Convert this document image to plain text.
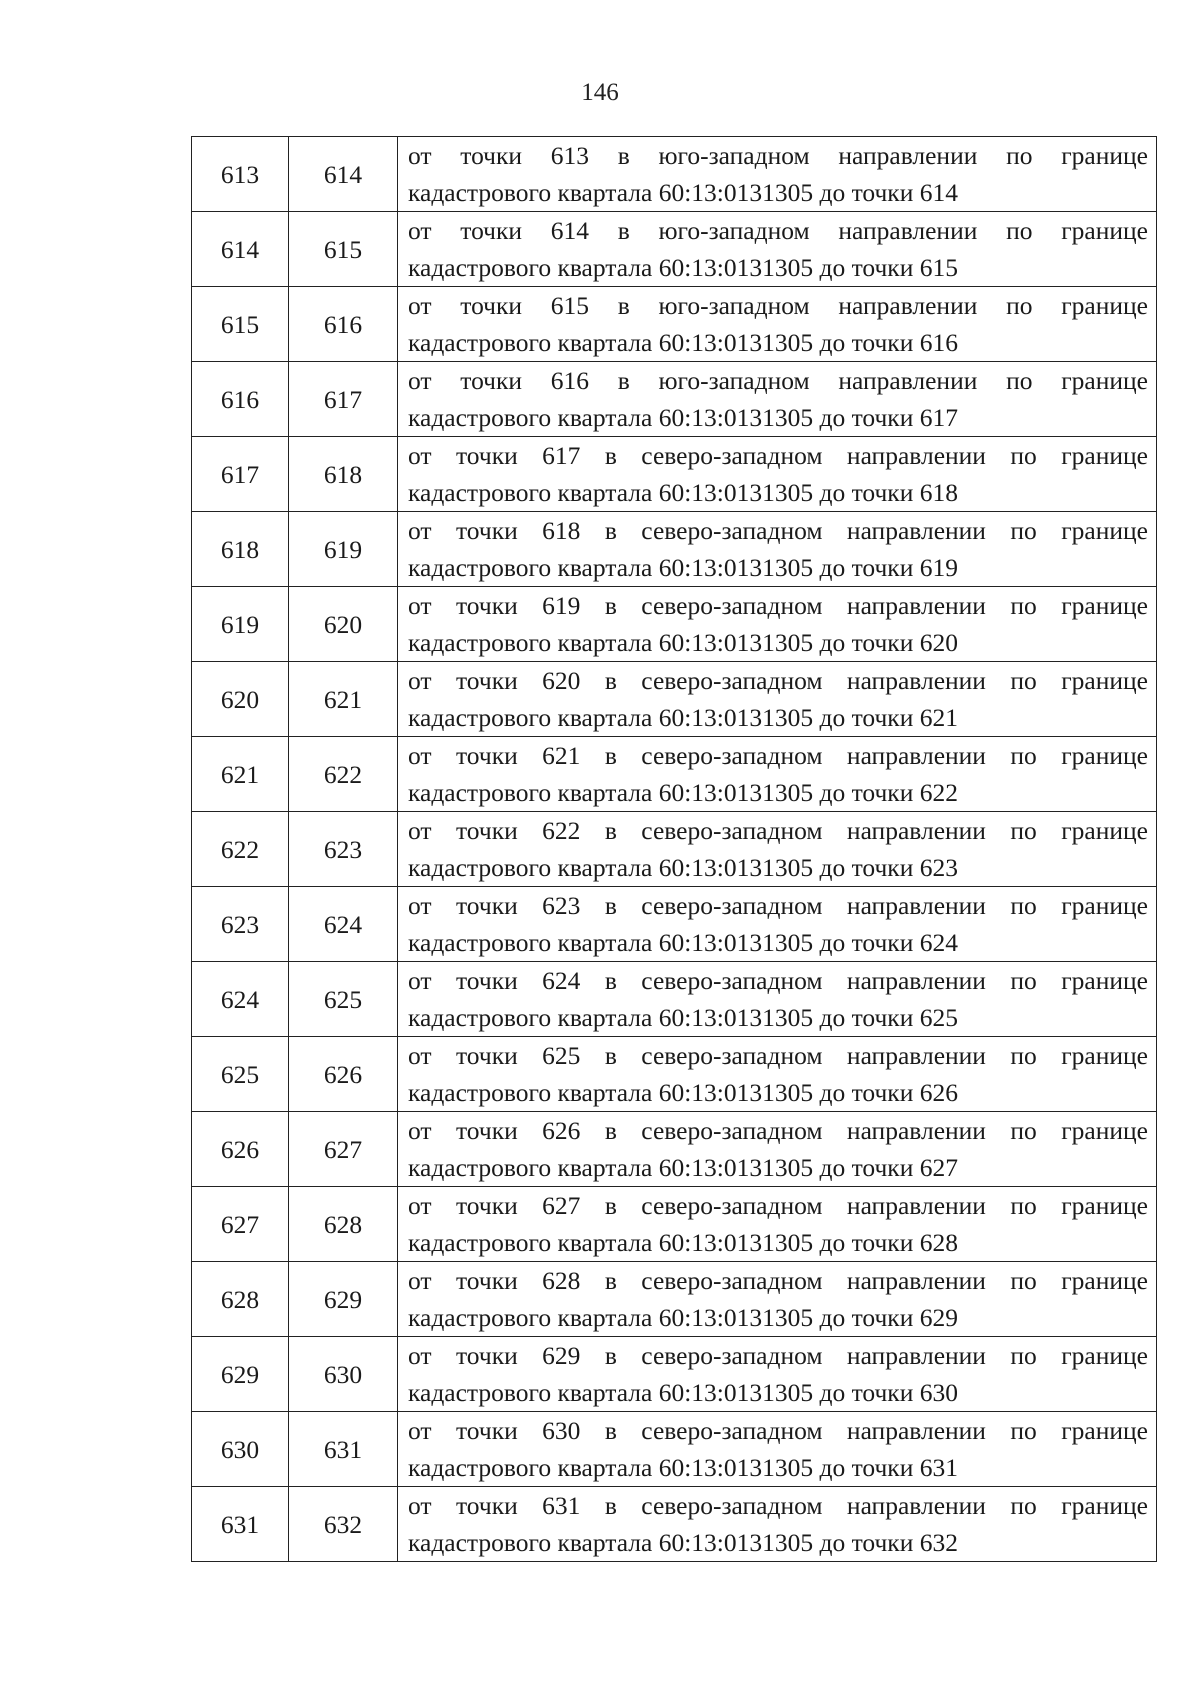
146
613	614	от точки 613 в юго-западном направлении по границе
кадастрового квартала 60:13:0131305 до точки 614

614	615	от точки 614 в юго-западном направлении по границе
кадастрового квартала 60:13:0131305 до точки 615

615	616	от точки 615 в юго-западном направлении по границе
кадастрового квартала 60:13:0131305 до точки 616

616	617	от точки 616 в юго-западном направлении по границе
кадастрового квартала 60:13:0131305 до точки 617

617	618	от точки 617 в северо-западном направлении по границе
кадастрового квартала 60:13:0131305 до точки 618

618	619	от точки 618 в северо-западном направлении по границе
кадастрового квартала 60:13:0131305 до точки 619

619	620	от точки 619 в северо-западном направлении по границе
кадастрового квартала 60:13:0131305 до точки 620

620	621	от точки 620 в северо-западном направлении по границе
кадастрового квартала 60:13:0131305 до точки 621

621	622	от точки 621 в северо-западном направлении по границе
кадастрового квартала 60:13:0131305 до точки 622

622	623	от точки 622 в северо-западном направлении по границе
кадастрового квартала 60:13:0131305 до точки 623

623	624	от точки 623 в северо-западном направлении по границе
кадастрового квартала 60:13:0131305 до точки 624

624	625	от точки 624 в северо-западном направлении по границе
кадастрового квартала 60:13:0131305 до точки 625

625	626	от точки 625 в северо-западном направлении по границе
кадастрового квартала 60:13:0131305 до точки 626

626	627	от точки 626 в северо-западном направлении по границе
кадастрового квартала 60:13:0131305 до точки 627

627	628	от точки 627 в северо-западном направлении по границе
кадастрового квартала 60:13:0131305 до точки 628

628	629	от точки 628 в северо-западном направлении по границе
кадастрового квартала 60:13:0131305 до точки 629

629	630	от точки 629 в северо-западном направлении по границе
кадастрового квартала 60:13:0131305 до точки 630

630	631	от точки 630 в северо-западном направлении по границе
кадастрового квартала 60:13:0131305 до точки 631

631	632	от точки 631 в северо-западном направлении по границе
кадастрового квартала 60:13:0131305 до точки 632
